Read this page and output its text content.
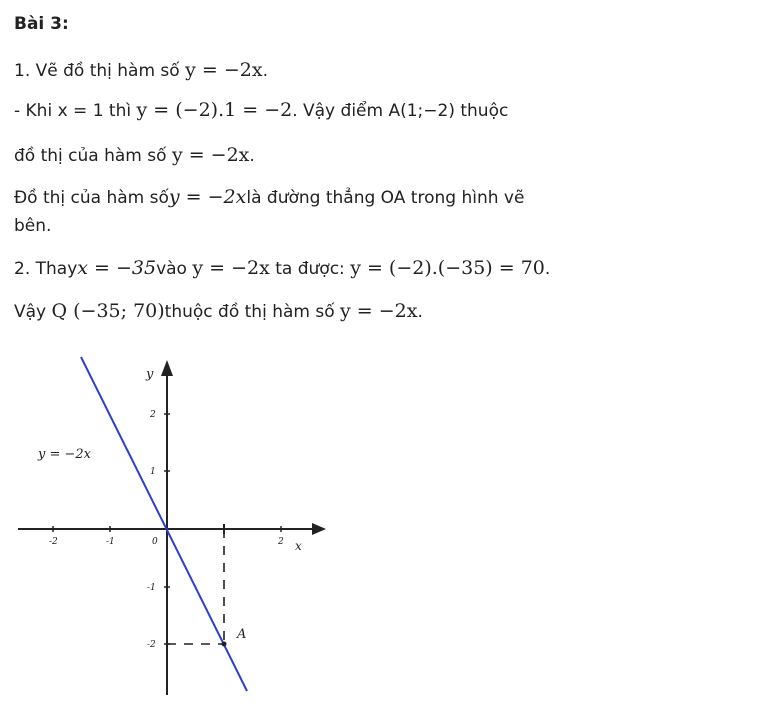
Bài 3:
1. Vẽ đồ thị hàm số y = −2x.
- Khi x = 1 thì y = (−2).1 = −2. Vậy điểm A(1;−2) thuộc
đồ thị của hàm số y = −2x.
Đồ thị của hàm sốy = −2xlà đường thẳng OA trong hình vẽ
bên.
2. Thayx = −35vào y = −2x ta được: y = (−2).(−35) = 70.
Vậy Q (−35; 70)thuộc đồ thị hàm số y = −2x.
-2	-1	2
0	x
2
1
-1
-2
y
A
y = −2x
